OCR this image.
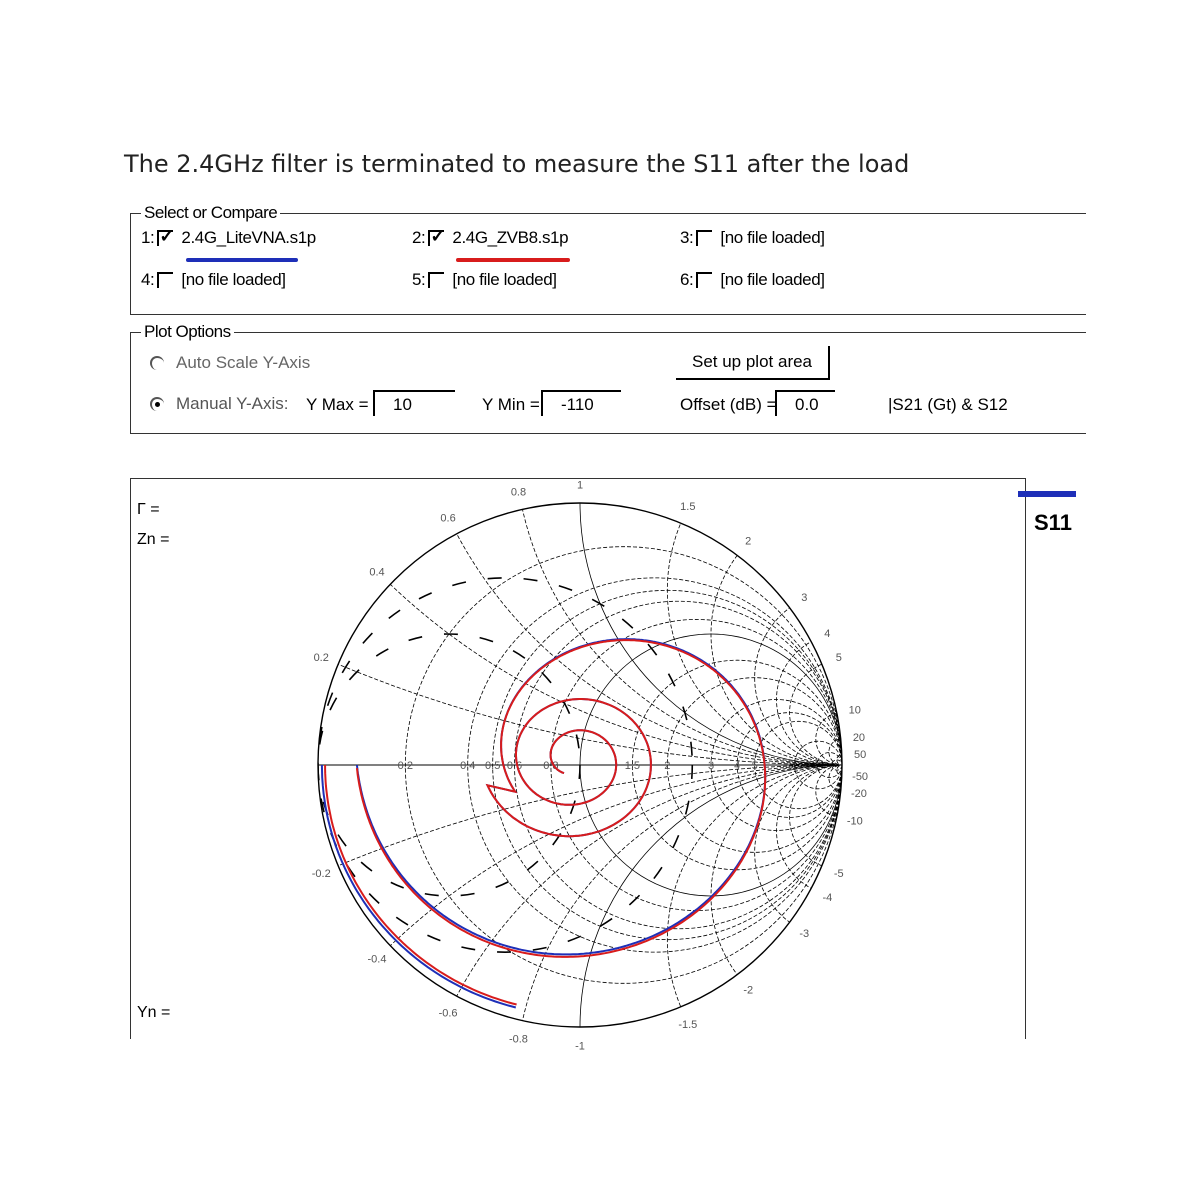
The 2.4GHz filter is terminated to measure the S11 after the load
Select or Compare
1: ✓ 2.4G_LiteVNA.s1p	2: ✓ 2.4G_ZVB8.s1p	3: [no file loaded]
4: [no file loaded]	5: [no file loaded]	6: [no file loaded]
Plot Options
Auto Scale Y-Axis
Manual Y-Axis: Y Max =	10	Y Min =	-110
Set up plot area
Offset (dB) =	0.0	|S21 (Gt) & S12
Γ =
Zn =
Yn =
0.6
0.8
1
1.5
2
3
4
5
10
20
50
0.4
0.2
-0.2
-0.4
-0.6
-0.8
-1
-1.5
-2
-3
-4
-5
-10
-20
-50
0.2	0.4 0.5 0.6 0.8	1.5 2	3 4 5
S11
